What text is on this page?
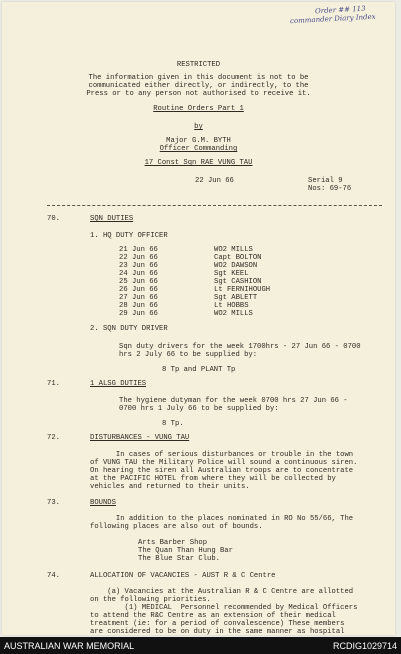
Order ## 113
commander Diary Index
RESTRICTED
The information given in this document is not to be
communicated either directly, or indirectly, to the
Press or to any person not authorised to receive it.
Routine Orders Part 1
by
Major G.M. BYTH
Officer Commanding
17 Const Sqn RAE VUNG TAU
22 Jun 66	Serial 9
Nos: 69-76
70.	SQN DUTIES
1. HQ DUTY OFFICER
21 Jun 66	WO2 MILLS
22 Jun 66	Capt BOLTON
23 Jun 66	WO2 DAWSON
24 Jun 66	Sgt KEEL
25 Jun 66	Sgt CASHION
26 Jun 66	Lt FERNIHOUGH
27 Jun 66	Sgt ABLETT
28 Jun 66	Lt HOBBS
29 Jun 66	WO2 MILLS
2. SQN DUTY DRIVER
Sqn duty drivers for the week 1700hrs - 27 Jun 66 - 0700
hrs 2 July 66 to be supplied by:
8 Tp and PLANT Tp
71.	1 ALSG DUTIES
The hygiene dutyman for the week 0700 hrs 27 Jun 66 -
0700 hrs 1 July 66 to be supplied by:
8 Tp.
72.	DISTURBANCES - VUNG TAU
In cases of serious disturbances or trouble in the town
of VUNG TAU the Military Police will sound a continuous siren.
On hearing the siren all Australian troops are to concentrate
at the PACIFIC HOTEL from where they will be collected by
vehicles and returned to their units.
73.	BOUNDS
In addition to the places nominated in RO No 55/66, The
following places are also out of bounds.
Arts Barber Shop
The Quan Than Hung Bar
The Blue Star Club.
74.	ALLOCATION OF VACANCIES - AUST R & C Centre
(a) Vacancies at the Australian R & C Centre are allotted
on the following priorities.
(1) MEDICAL  Personnel recommended by Medical Officers
to attend the R&C Centre as an extension of their medical
treatment (ie: for a period of convalescence) These members
are considered to be on duty in the same manner as hospital
AUSTRALIAN WAR MEMORIAL	RCDIG1029714
